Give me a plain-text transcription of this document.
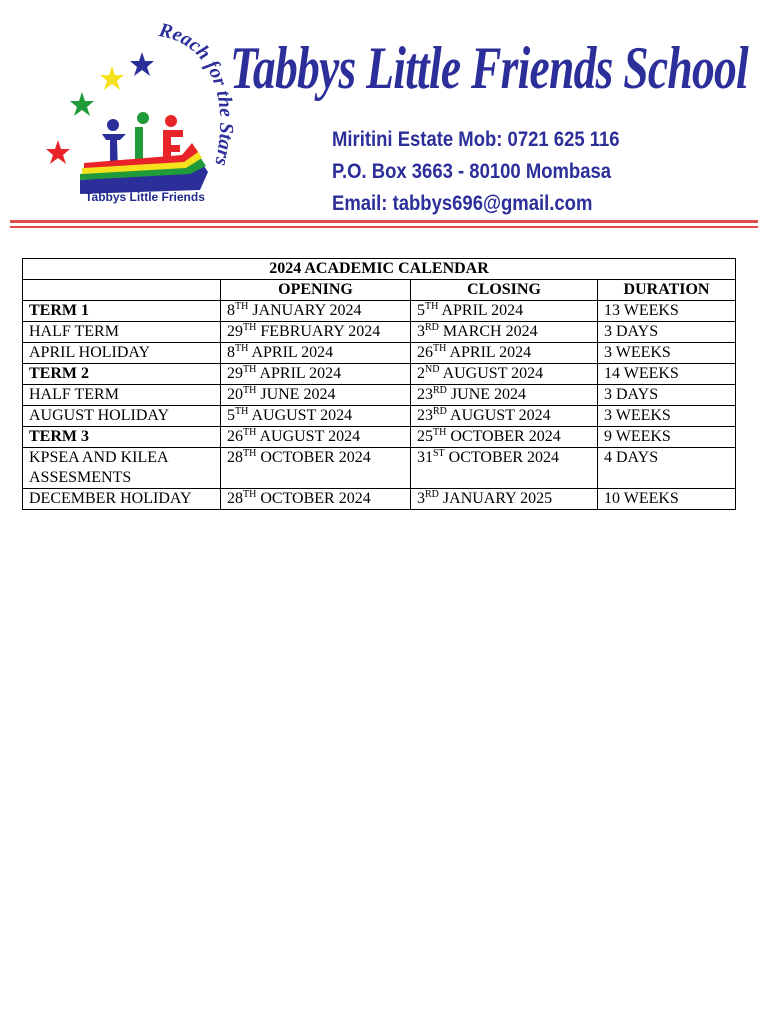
Reach for the Stars
Tabbys Little Friends
Tabbys Little Friends School
Miritini Estate Mob: 0721 625 116
P.O. Box 3663 - 80100 Mombasa
Email: tabbys696@gmail.com
2024 ACADEMIC CALENDAR			
	OPENING	CLOSING	DURATION
TERM 1	8TH JANUARY 2024	5TH APRIL 2024	13 WEEKS
HALF TERM	29TH FEBRUARY 2024	3RD MARCH 2024	3 DAYS
APRIL HOLIDAY	8TH APRIL 2024	26TH APRIL 2024	3 WEEKS
TERM 2	29TH APRIL 2024	2ND AUGUST 2024	14 WEEKS
HALF TERM	20TH JUNE 2024	23RD JUNE 2024	3 DAYS
AUGUST HOLIDAY	5TH AUGUST 2024	23RD AUGUST 2024	3 WEEKS
TERM 3	26TH AUGUST 2024	25TH OCTOBER 2024	9 WEEKS
KPSEA AND KILEA ASSESMENTS	28TH OCTOBER 2024	31ST OCTOBER 2024	4 DAYS
DECEMBER HOLIDAY	28TH OCTOBER 2024	3RD JANUARY 2025	10 WEEKS
